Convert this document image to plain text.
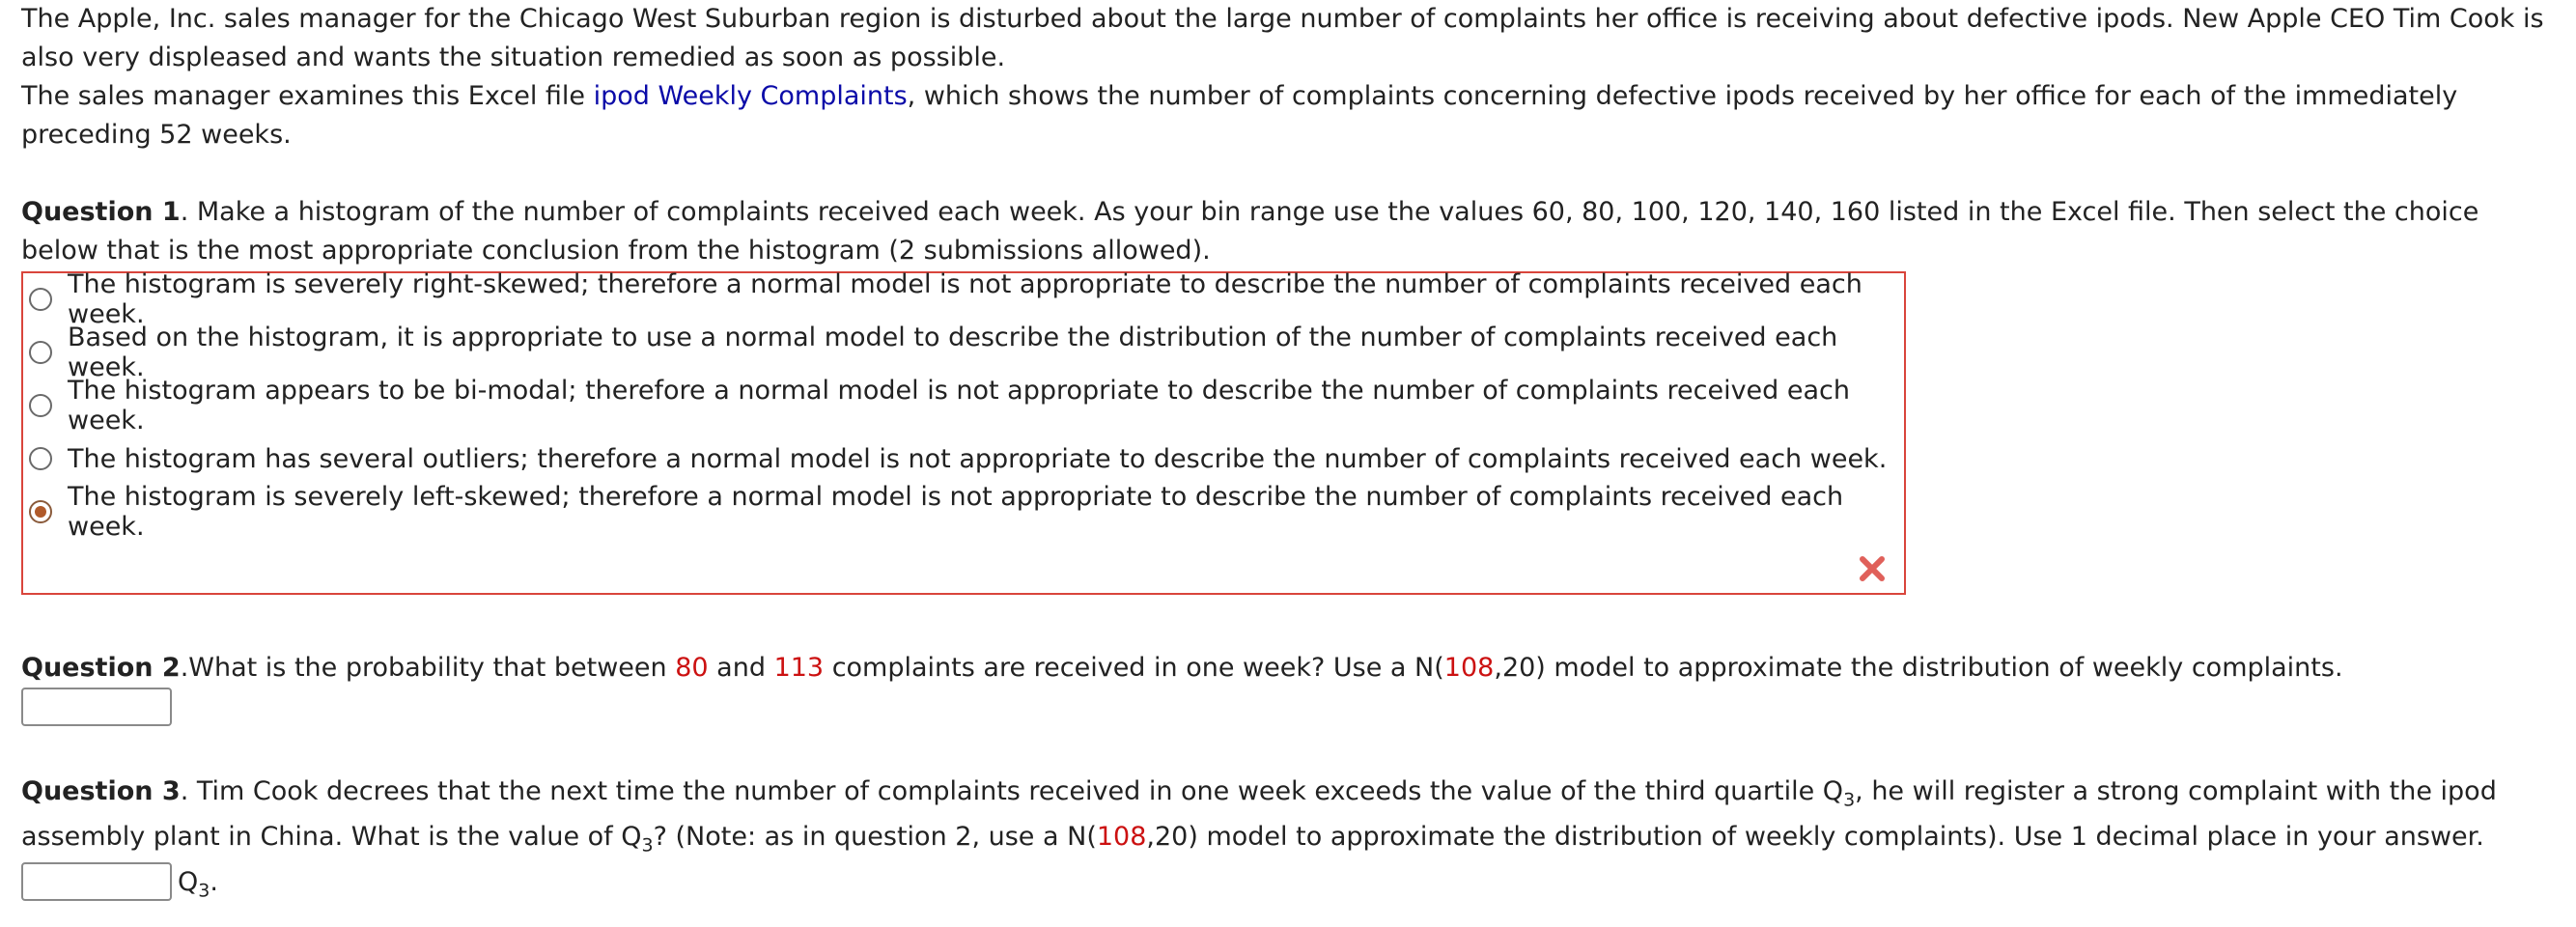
The Apple, Inc. sales manager for the Chicago West Suburban region is disturbed about the large number of complaints her office is receiving about defective ipods. New Apple CEO Tim Cook is also very displeased and wants the situation remedied as soon as possible.

The sales manager examines this Excel file ipod Weekly Complaints, which shows the number of complaints concerning defective ipods received by her office for each of the immediately preceding 52 weeks.

Question 1. Make a histogram of the number of complaints received each week. As your bin range use the values 60, 80, 100, 120, 140, 160 listed in the Excel file. Then select the choice below that is the most appropriate conclusion from the histogram (2 submissions allowed).

The histogram is severely right-skewed; therefore a normal model is not appropriate to describe the number of complaints received each week.
Based on the histogram, it is appropriate to use a normal model to describe the distribution of the number of complaints received each week.
The histogram appears to be bi-modal; therefore a normal model is not appropriate to describe the number of complaints received each week.
The histogram has several outliers; therefore a normal model is not appropriate to describe the number of complaints received each week.
The histogram is severely left-skewed; therefore a normal model is not appropriate to describe the number of complaints received each week.

Question 2.What is the probability that between 80 and 113 complaints are received in one week? Use a N(108,20) model to approximate the distribution of weekly complaints.

Question 3. Tim Cook decrees that the next time the number of complaints received in one week exceeds the value of the third quartile $Q_3$, he will register a strong complaint with the ipod assembly plant in China. What is the value of $Q_3$? (Note: as in question 2, use a N(108,20) model to approximate the distribution of weekly complaints). Use 1 decimal place in your answer.

$Q_3$.
